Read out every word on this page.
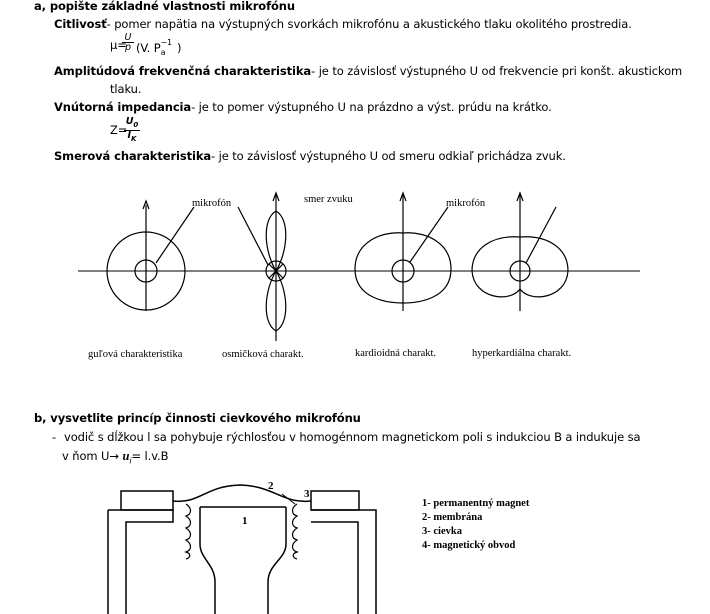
a, popište základné vlastnosti mikrofónu
Citlivosť- pomer napätia na výstupných svorkách mikrofónu a akustického tlaku okolitého prostredia.
μ=
$\frac{U}{p} (V$. $P_a^{-1}$ )
Amplitúdová frekvenčná charakteristika- je to závislosť výstupného U od frekvencie pri konšt. akustickom
tlaku.
Vnútorná impedancia- je to pomer výstupného U na prázdno a výst. prúdu na krátko.
Z=
$\frac{U_0}{I_K}$
Smerová charakteristika- je to závislosť výstupného U od smeru odkiaľ prichádza zvuk.
mikrofón	smer zvuku	mikrofón
guľová charakteristika	osmičková charakt.	kardioidná charakt.	hyperkardiálna charakt.
b, vysvetlite princíp činnosti cievkového mikrofónu
- vodič s dĺžkou l sa pohybuje rýchlosťou v homogénnom magnetickom poli s indukciou B a indukuje sa
v ňom $U\to u_i= l.v.B$
2
3
1
1- permanentný magnet
2- membrána
3- cievka
4- magnetický obvod
